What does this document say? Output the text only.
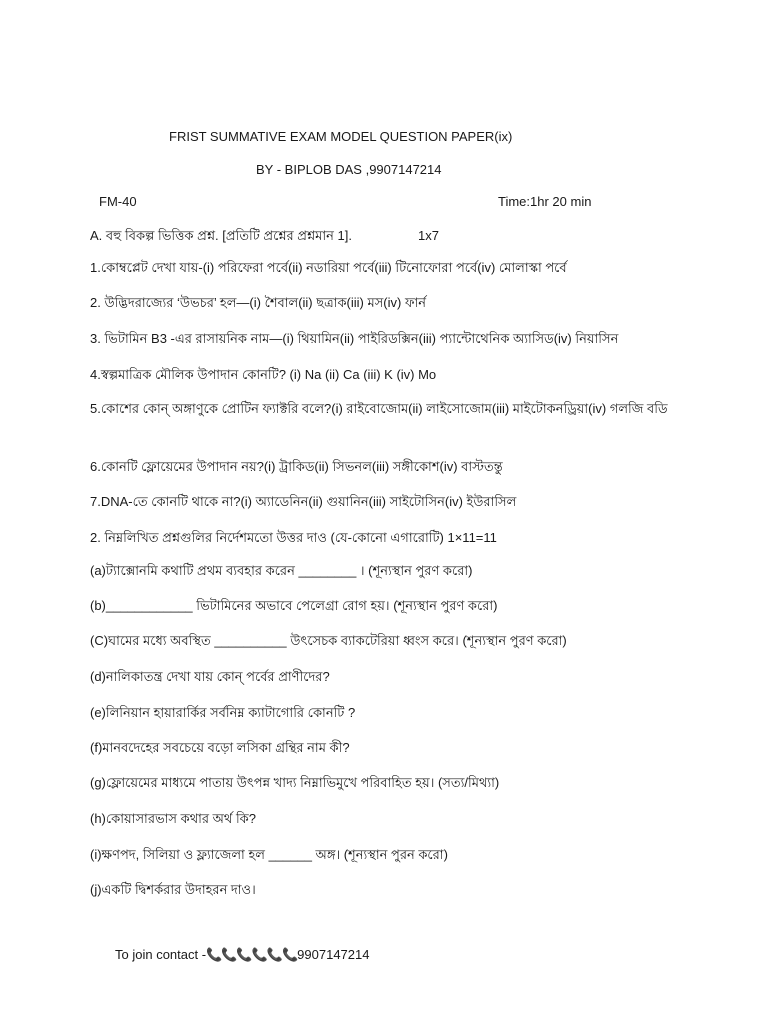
FRIST SUMMATIVE EXAM MODEL QUESTION PAPER(ix)
BY - BIPLOB DAS ,9907147214
FM-40	Time:1hr 20 min
A. বহু বিকল্প ভিত্তিক প্রশ্ন. [প্রতিটি প্রশ্নের প্রশ্নমান 1].	1x7
1.কোম্বপ্লেট দেখা যায়-(i) পরিফেরা পর্বে(ii) নডারিয়া পর্বে(iii) টিনোফোরা পর্বে(iv) মোলাস্কা পর্বে
2. উদ্ভিদরাজ্যের ‘উভচর’ হল—(i) শৈবাল(ii) ছত্রাক(iii) মস(iv) ফার্ন
3. ভিটামিন B3 -এর রাসায়নিক নাম—(i) থিয়ামিন(ii) পাইরিডক্সিন(iii) প্যান্টোথেনিক অ্যাসিড(iv) নিয়াসিন
4.স্বল্পমাত্রিক মৌলিক উপাদান কোনটি? (i) Na (ii) Ca (iii) K (iv) Mo
5.কোশের কোন্ অঙ্গাণুকে প্রোটিন ফ্যাক্টরি বলে?(i) রাইবোজোম(ii) লাইসোজোম(iii) মাইটোকনড্রিয়া(iv) গলজি বডি
6.কোনটি ফ্লোয়েমের উপাদান নয়?(i) ট্রাকিড(ii) সিভনল(iii) সঙ্গীকোশ(iv) বাস্টতন্তু
7.DNA-তে কোনটি থাকে না?(i) অ্যাডেনিন(ii) গুয়ানিন(iii) সাইটোসিন(iv) ইউরাসিল
2. নিম্নলিখিত প্রশ্নগুলির নির্দেশমতো উত্তর দাও (যে-কোনো এগারোটি) 1×11=11
(a)ট্যাক্সোনমি কথাটি প্রথম ব্যবহার করেন ________ । (শূন্যস্থান পুরণ করো)
(b)____________ ভিটামিনের অভাবে পেলেগ্রা রোগ হয়। (শূন্যস্থান পুরণ করো)
(C)ঘামের মধ্যে অবস্থিত __________ উৎসেচক ব্যাকটেরিয়া ধ্বংস করে। (শূন্যস্থান পুরণ করো)
(d)নালিকাতন্ত্র দেখা যায় কোন্ পর্বের প্রাণীদের?
(e)লিনিয়ান হায়ারার্কির সর্বনিম্ন ক্যাটাগোরি কোনটি ?
(f)মানবদেহের সবচেয়ে বড়ো লসিকা গ্রন্থির নাম কী?
(g)ফ্লোয়েমের মাধ্যমে পাতায় উৎপন্ন খাদ্য নিম্নাভিমুখে পরিবাহিত হয়। (সত্য/মিথ্যা)
(h)কোয়াসারভাস কথার অর্থ কি?
(i)ক্ষণপদ, সিলিয়া ও ফ্ল্যাজেলা হল ______ অঙ্গ। (শূন্যস্থান পুরন করো)
(j)একটি দ্বিশর্করার উদাহরন দাও।
To join contact -📞📞📞📞📞📞9907147214
